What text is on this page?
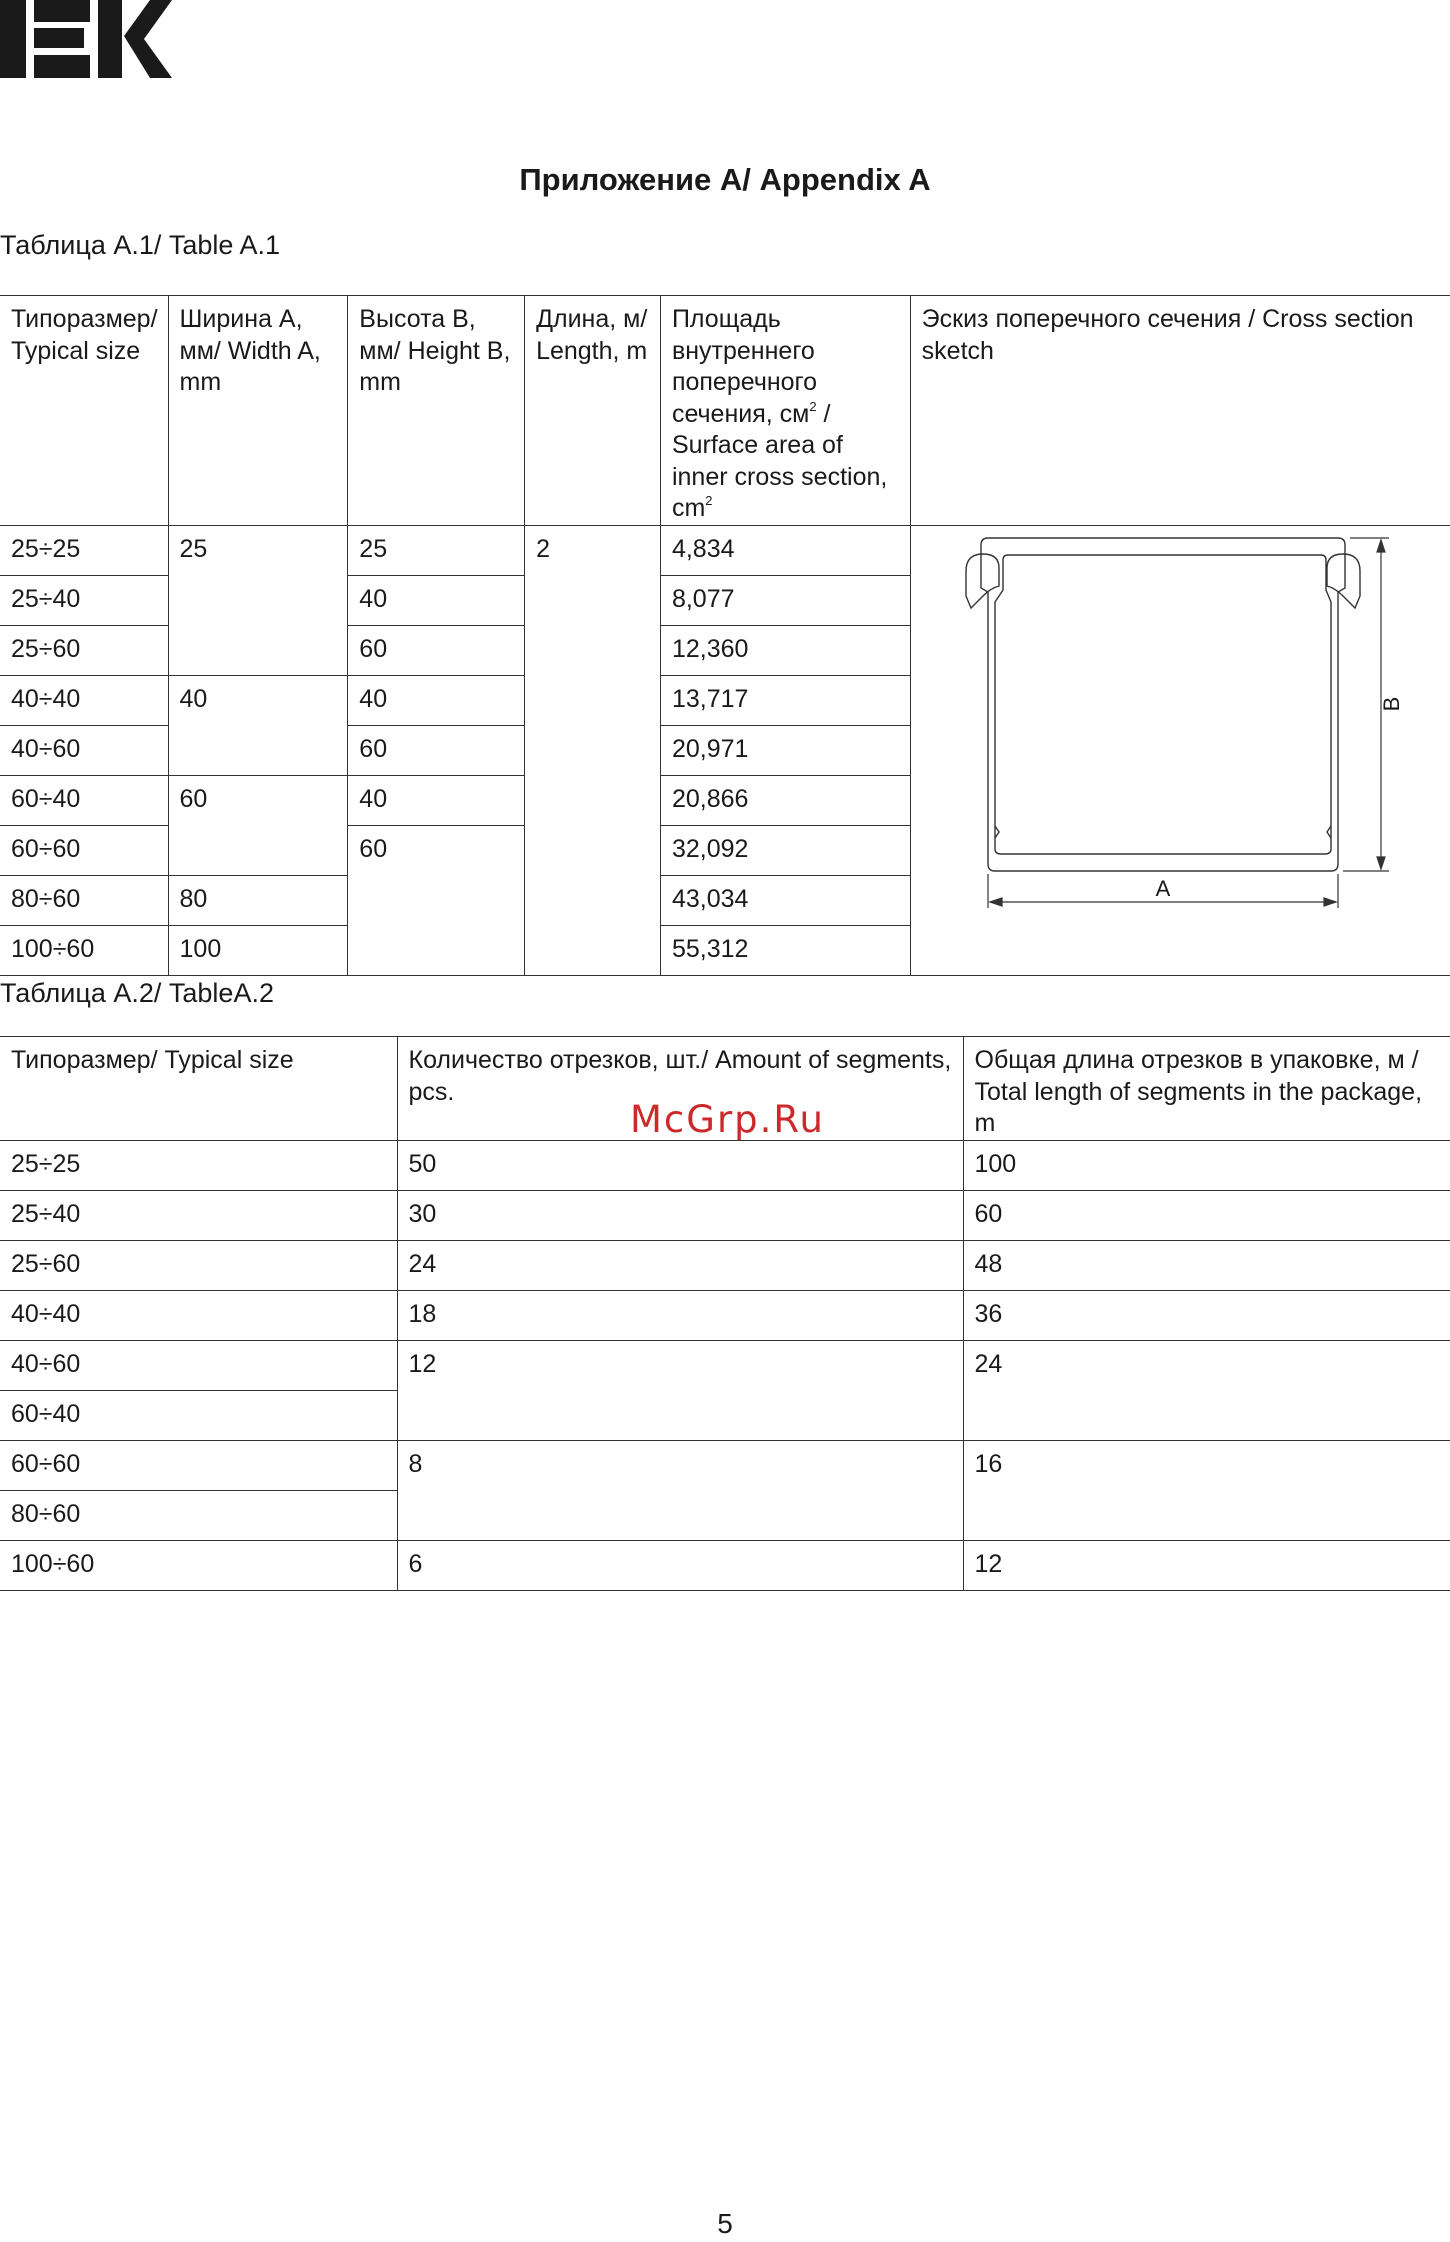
Приложение А/ Appendix A
Таблица А.1/ Table A.1
Типоразмер/ Typical size	Ширина А, мм/ Width A, mm	Высота В, мм/ Height B, mm	Длина, м/ Length, m	Площадь внутреннего поперечного сечения, $см^2$ / Surface area of inner cross section, $cm^2$	Эскиз поперечного сечения / Cross section sketch
25÷25	25	25	2	4,834	A
B

25÷40		40		8,077	
25÷60		60		12,360	
40÷40	40	40		13,717	
40÷60		60		20,971	
60÷40	60	40		20,866	
60÷60		60		32,092	
80÷60	80			43,034	
100÷60	100			55,312	
Таблица А.2/ TableA.2
Типоразмер/ Typical size	Количество отрезков, шт./ Amount of segments, pcs.	Общая длина отрезков в упаковке, м / Total length of segments in the package, m
25÷25	50	100
25÷40	30	60
25÷60	24	48
40÷40	18	36
40÷60	12	24
60÷40		
60÷60	8	16
80÷60		
100÷60	6	12
McGrp.Ru
5
